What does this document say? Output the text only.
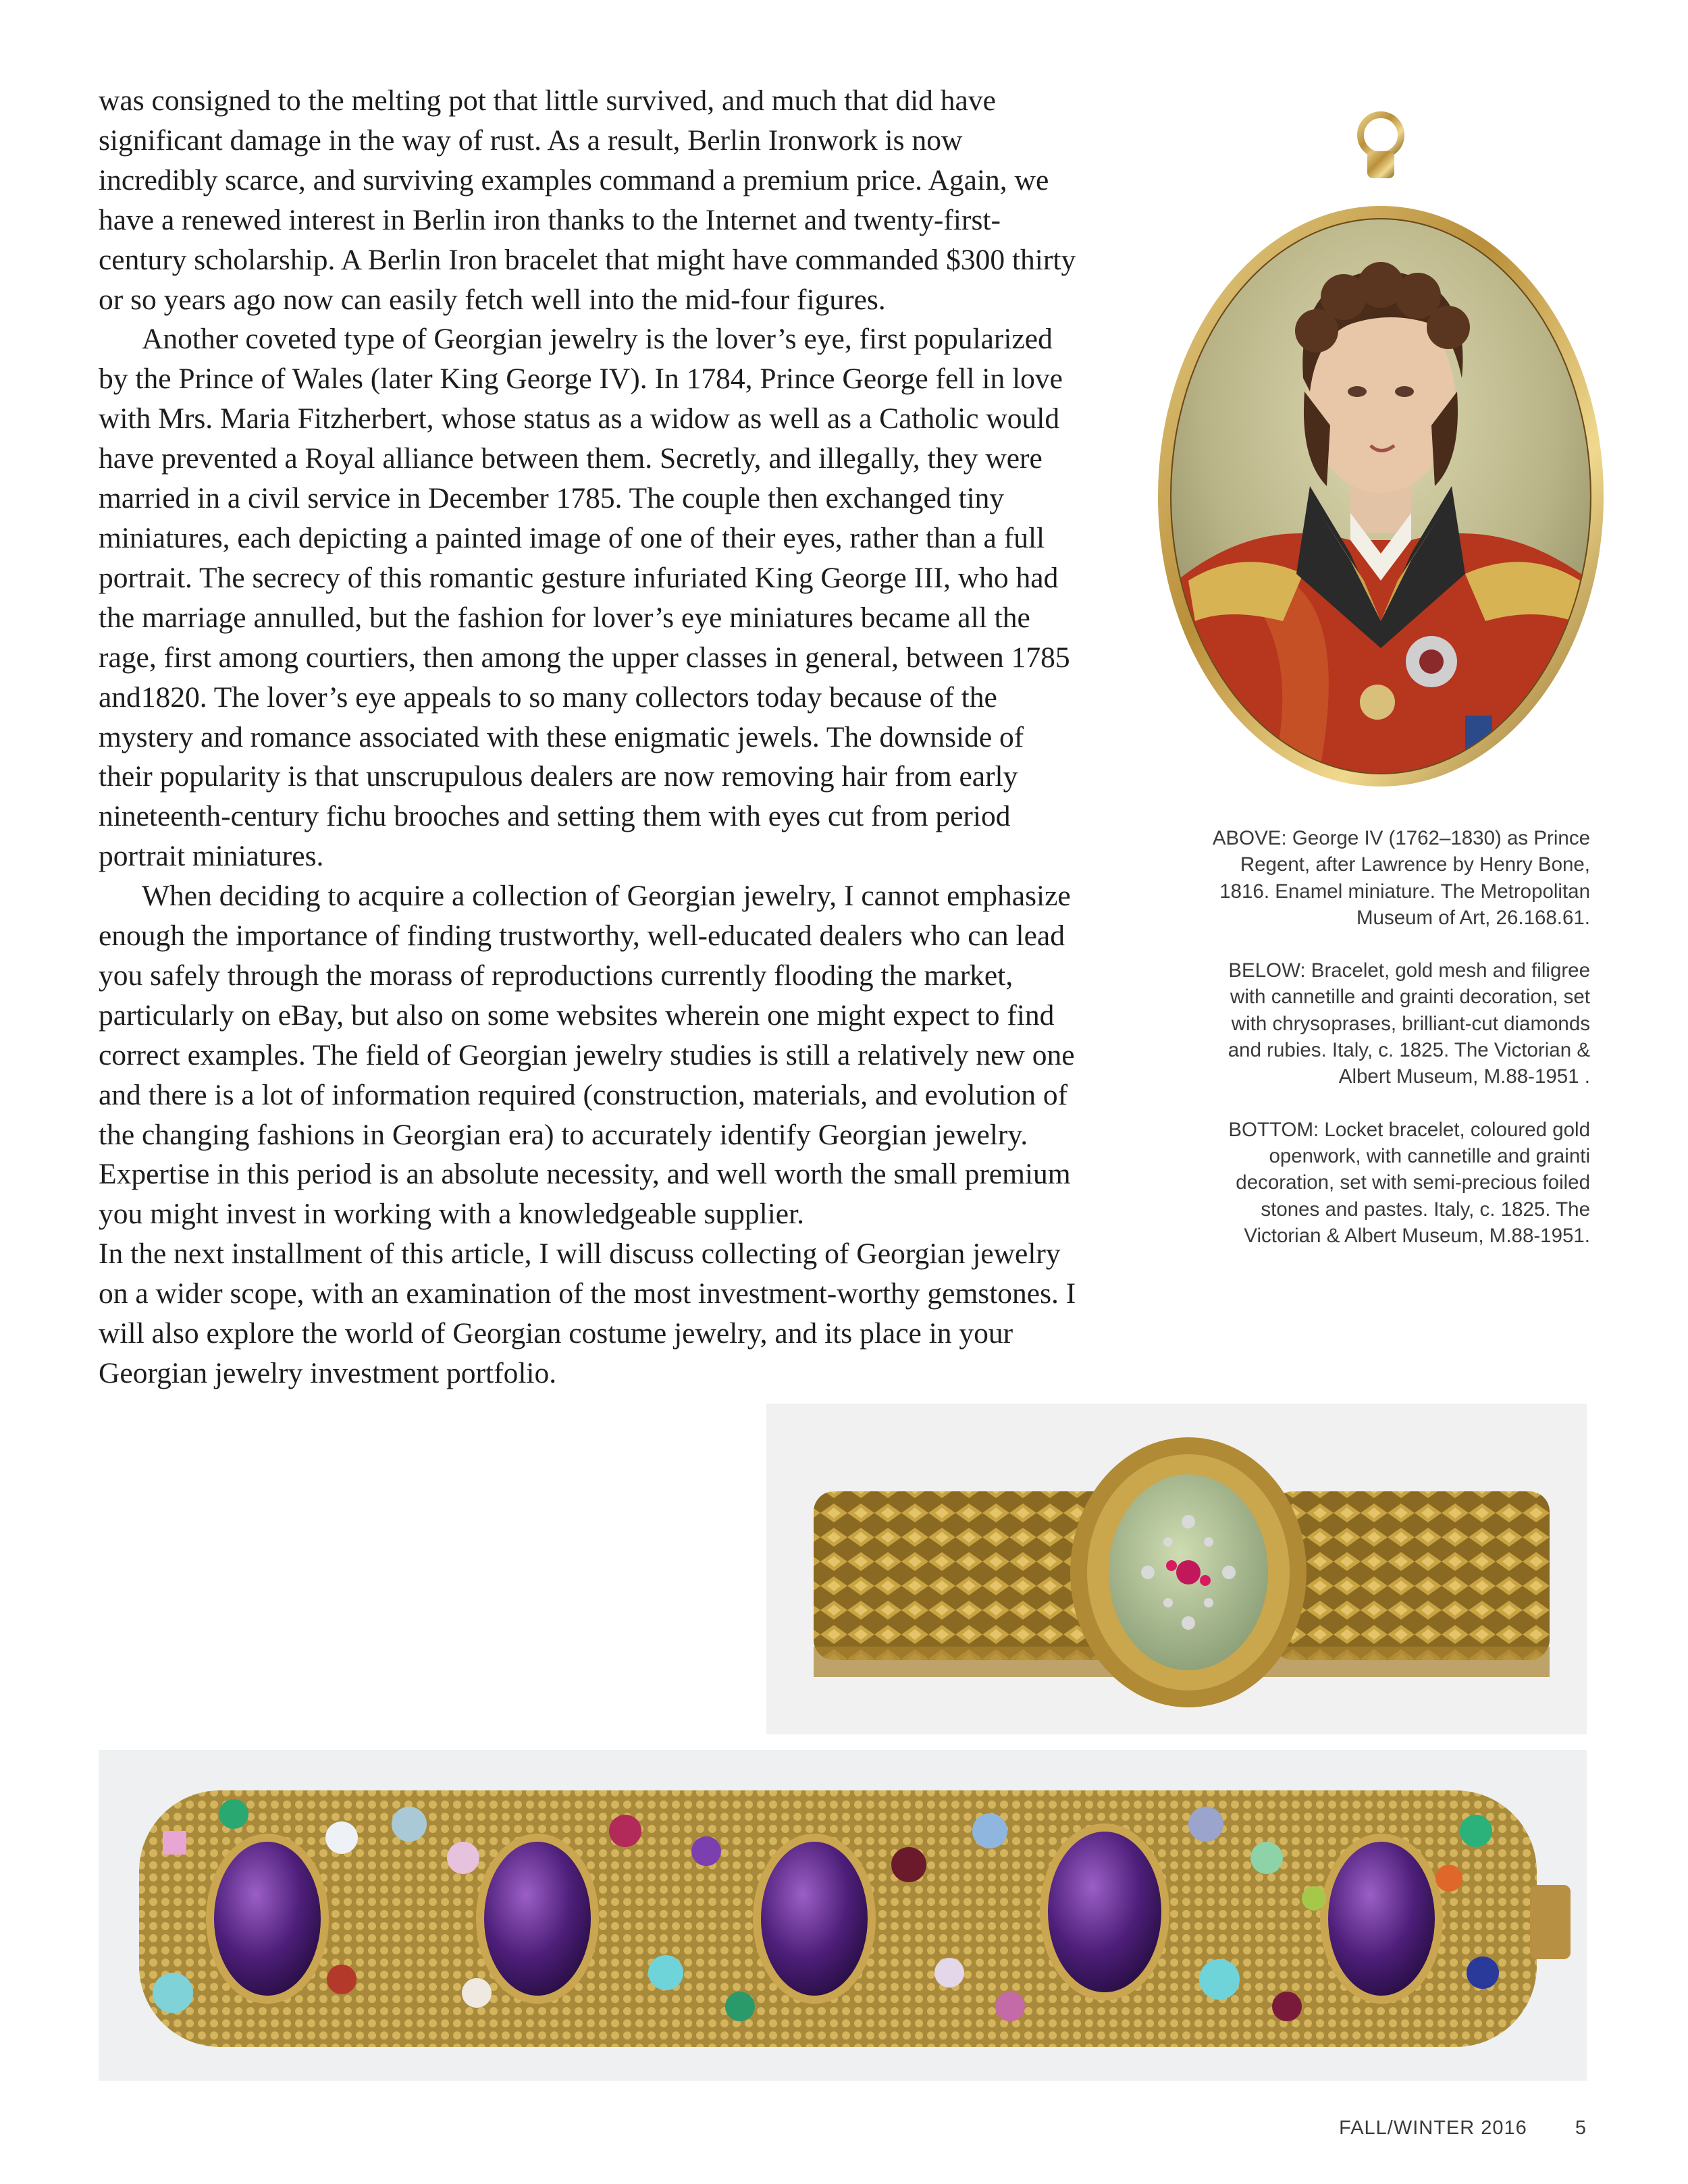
was consigned to the melting pot that little survived, and much that did have significant damage in the way of rust. As a result, Berlin Ironwork is now incredibly scarce, and surviving examples command a premium price. Again, we have a renewed interest in Berlin iron thanks to the Internet and twenty-first-century scholarship. A Berlin Iron bracelet that might have commanded $300 thirty or so years ago now can easily fetch well into the mid-four figures.

Another coveted type of Georgian jewelry is the lover’s eye, first popularized by the Prince of Wales (later King George IV). In 1784, Prince George fell in love with Mrs. Maria Fitzherbert, whose status as a widow as well as a Catholic would have prevented a Royal alliance between them. Secretly, and illegally, they were married in a civil service in December 1785. The couple then exchanged tiny miniatures, each depicting a painted image of one of their eyes, rather than a full portrait. The secrecy of this romantic gesture infuriated King George III, who had the marriage annulled, but the fashion for lover’s eye miniatures became all the rage, first among courtiers, then among the upper classes in general, between 1785 and1820. The lover’s eye appeals to so many collectors today because of the mystery and romance associated with these enigmatic jewels. The downside of their popularity is that unscrupulous dealers are now removing hair from early nineteenth-century fichu brooches and setting them with eyes cut from period portrait miniatures.

When deciding to acquire a collection of Georgian jewelry, I cannot emphasize enough the importance of finding trustworthy, well-educated dealers who can lead you safely through the morass of reproductions currently flooding the market, particularly on eBay, but also on some websites wherein one might expect to find correct examples. The field of Georgian jewelry studies is still a relatively new one and there is a lot of information required (construction, materials, and evolution of the changing fashions in Georgian era) to accurately identify Georgian jewelry. Expertise in this period is an absolute necessity, and well worth the small premium you might invest in working with a knowledgeable supplier.

In the next installment of this article, I will discuss collecting of Georgian jewelry on a wider scope, with an examination of the most investment-worthy gemstones. I will also explore the world of Georgian costume jewelry, and its place in your Georgian jewelry investment portfolio.

ABOVE: George IV (1762–1830) as Prince Regent, after Lawrence by Henry Bone, 1816. Enamel miniature. The Metropolitan Museum of Art, 26.168.61.

BELOW: Bracelet, gold mesh and filigree with cannetille and grainti decoration, set with chrysoprases, brilliant-cut diamonds and rubies. Italy, c. 1825. The Victorian & Albert Museum, M.88-1951 .

BOTTOM: Locket bracelet, coloured gold openwork, with cannetille and grainti decoration, set with semi-precious foiled stones and pastes. Italy, c. 1825. The Victorian & Albert Museum, M.88-1951.

FALL/WINTER 2016 5
